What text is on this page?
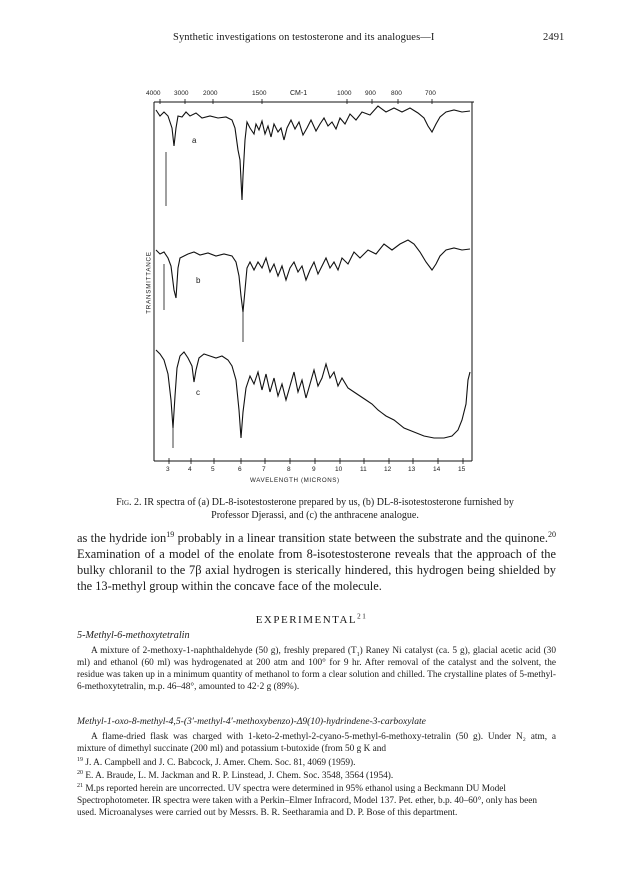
Synthetic investigations on testosterone and its analogues—I	2491
CM-1
4000 3000 2000	1500	1000 900 800	700
3	4	5	6	7	8	9	10	11	12	13	14	15
WAVELENGTH (MICRONS)
TRANSMITTANCE
a
b
c
Fig. 2. IR spectra of (a) DL-8-isotestosterone prepared by us, (b) DL-8-isotestosterone furnished by Professor Djerassi, and (c) the anthracene analogue.
as the hydride ion$^{19}$ probably in a linear transition state between the substrate and the quinone.$^{20}$ Examination of a model of the enolate from 8-isotestosterone reveals that the approach of the bulky chloranil to the 7β axial hydrogen is sterically hindered, this hydrogen being shielded by the 13-methyl group within the concave face of the molecule.
EXPERIMENTAL$^{21}$
5-Methyl-6-methoxytetralin
A mixture of 2-methoxy-1-naphthaldehyde (50 g), freshly prepared $(T_1)$ Raney Ni catalyst (ca. 5 g), glacial acetic acid (30 ml) and ethanol (60 ml) was hydrogenated at 200 atm and 100° for 9 hr. After removal of the catalyst and the solvent, the residue was taken up in a minimum quantity of methanol to form a clear solution and chilled. The crystalline plates of 5-methyl-6-methoxytetralin, m.p. 46–48°, amounted to 42·2 g (89%).
Methyl-1-oxo-8-methyl-4,5-(3′-methyl-4′-methoxybenzo)-Δ9(10)-hydrindene-3-carboxylate
A flame-dried flask was charged with 1-keto-2-methyl-2-cyano-5-methyl-6-methoxy-tetralin (50 g). Under N₂ atm, a mixture of dimethyl succinate (200 ml) and potassium t-butoxide (from 50 g K and
$^{19}$ J. A. Campbell and J. C. Babcock, J. Amer. Chem. Soc. 81, 4069 (1959).
$^{20}$ E. A. Braude, L. M. Jackman and R. P. Linstead, J. Chem. Soc. 3548, 3564 (1954).
$^{21}$ M.ps reported herein are uncorrected. UV spectra were determined in 95% ethanol using a Beckmann DU Model Spectrophotometer. IR spectra were taken with a Perkin–Elmer Infracord, Model 137. Pet. ether, b.p. 40–60°, only has been used. Microanalyses were carried out by Messrs. B. R. Seetharamia and D. P. Bose of this department.
